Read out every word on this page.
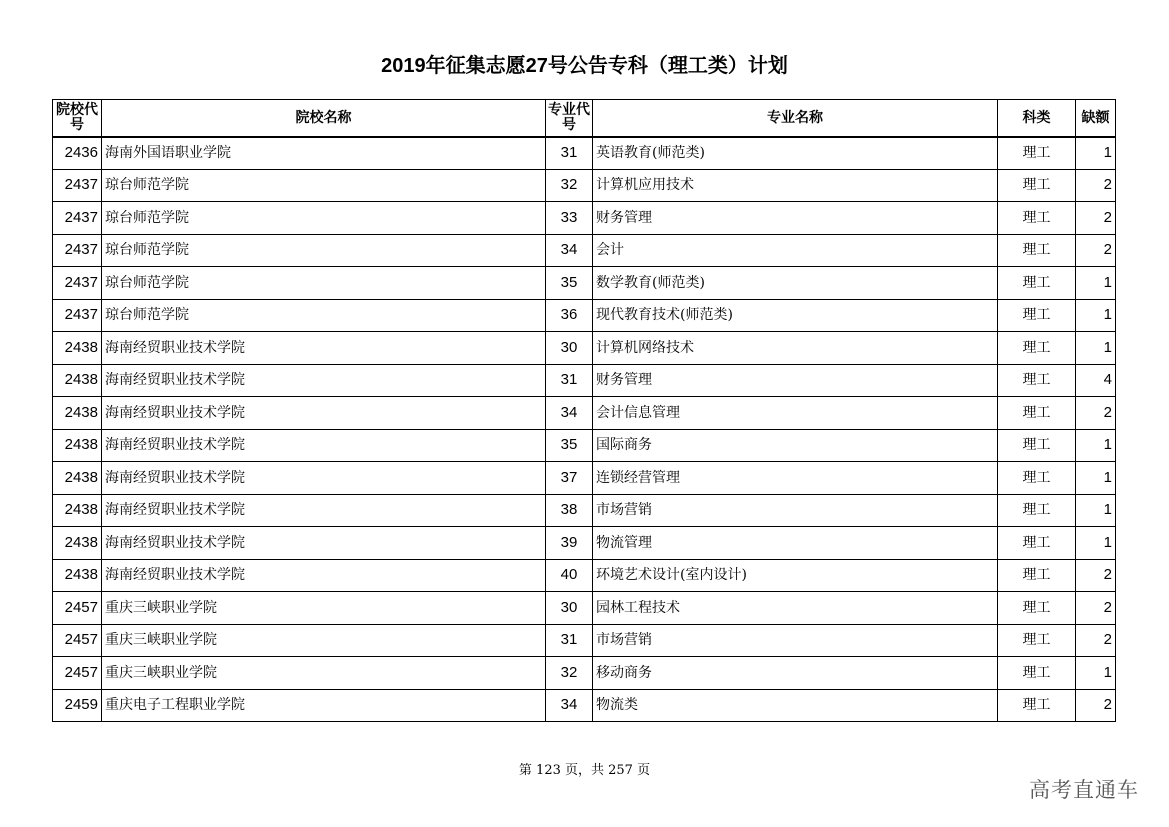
2019年征集志愿27号公告专科（理工类）计划
院校代号	院校名称	专业代号	专业名称	科类	缺额
2436	海南外国语职业学院	31	英语教育(师范类)	理工	1
2437	琼台师范学院	32	计算机应用技术	理工	2
2437	琼台师范学院	33	财务管理	理工	2
2437	琼台师范学院	34	会计	理工	2
2437	琼台师范学院	35	数学教育(师范类)	理工	1
2437	琼台师范学院	36	现代教育技术(师范类)	理工	1
2438	海南经贸职业技术学院	30	计算机网络技术	理工	1
2438	海南经贸职业技术学院	31	财务管理	理工	4
2438	海南经贸职业技术学院	34	会计信息管理	理工	2
2438	海南经贸职业技术学院	35	国际商务	理工	1
2438	海南经贸职业技术学院	37	连锁经营管理	理工	1
2438	海南经贸职业技术学院	38	市场营销	理工	1
2438	海南经贸职业技术学院	39	物流管理	理工	1
2438	海南经贸职业技术学院	40	环境艺术设计(室内设计)	理工	2
2457	重庆三峡职业学院	30	园林工程技术	理工	2
2457	重庆三峡职业学院	31	市场营销	理工	2
2457	重庆三峡职业学院	32	移动商务	理工	1
2459	重庆电子工程职业学院	34	物流类	理工	2
第 123 页，共 257 页
高考直通车
